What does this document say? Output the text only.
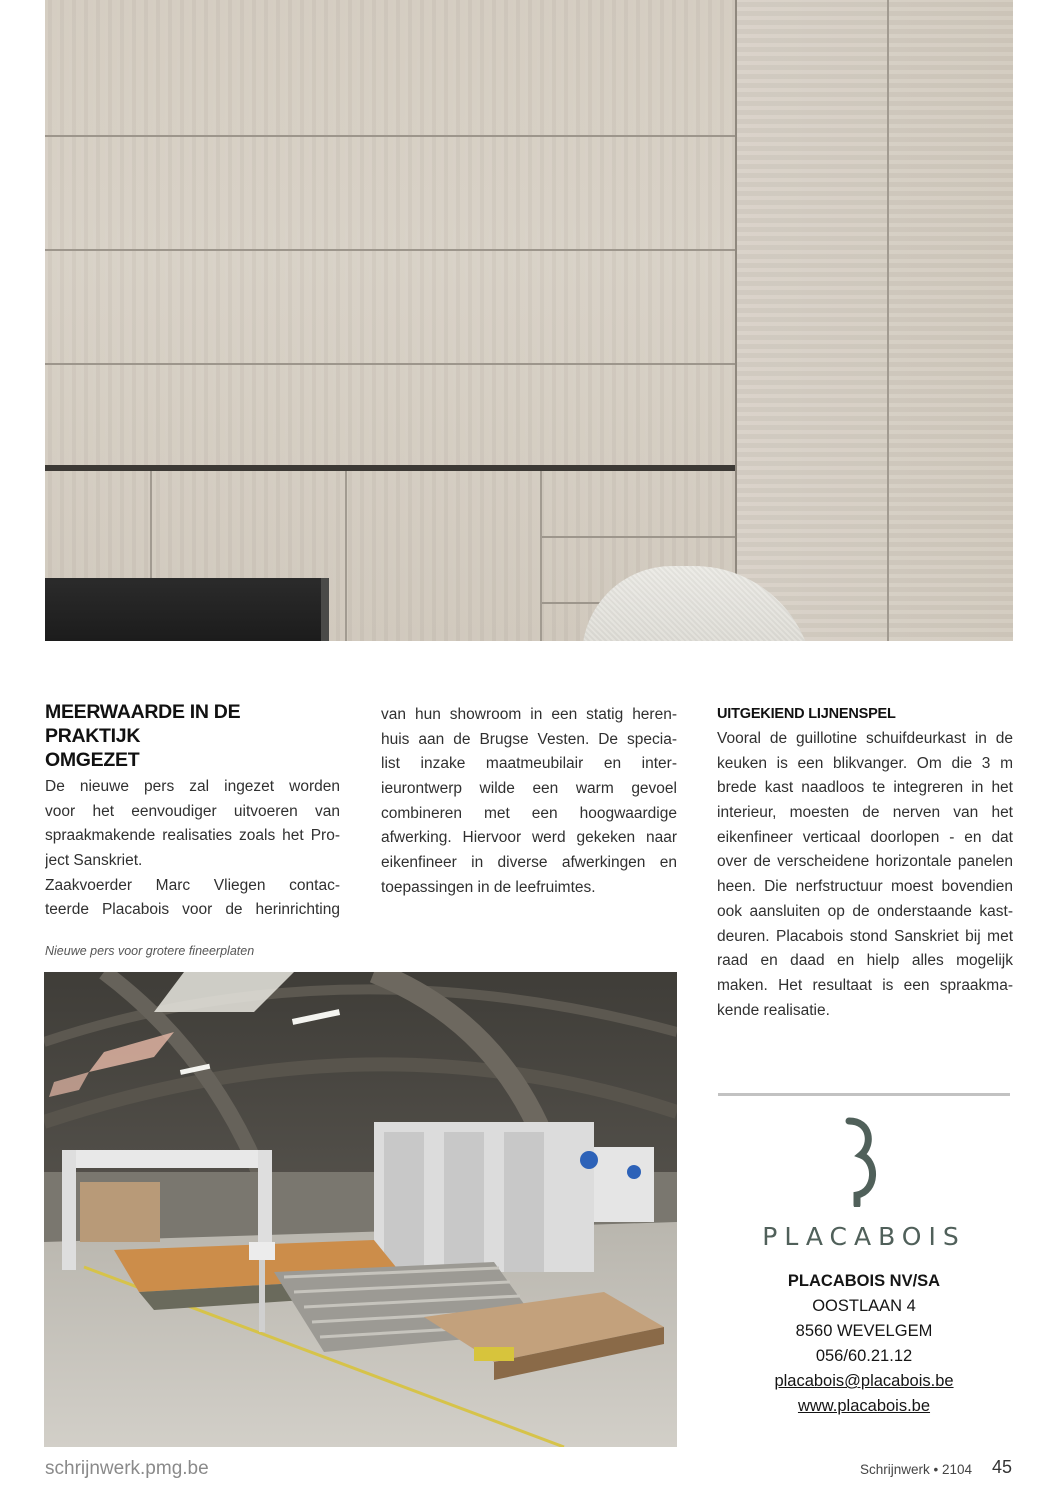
MEERWAARDE IN DE PRAKTIJK
OMGEZET
De nieuwe pers zal ingezet worden
voor het eenvoudiger uitvoeren van
spraakmakende realisaties zoals het Pro-
ject Sanskriet.
Zaakvoerder Marc Vliegen contac-
teerde Placabois voor de herinrichting
van hun showroom in een statig heren-
huis aan de Brugse Vesten. De specia-
list inzake maatmeubilair en inter-
ieurontwerp wilde een warm gevoel
combineren met een hoogwaardige
afwerking. Hiervoor werd gekeken naar
eikenfineer in diverse afwerkingen en
toepassingen in de leefruimtes.
UITGEKIEND LIJNENSPEL
Vooral de guillotine schuifdeurkast in de
keuken is een blikvanger. Om die 3 m
brede kast naadloos te integreren in het
interieur, moesten de nerven van het
eikenfineer verticaal doorlopen - en dat
over de verscheidene horizontale panelen
heen. Die nerfstructuur moest bovendien
ook aansluiten op de onderstaande kast-
deuren. Placabois stond Sanskriet bij met
raad en daad en hielp alles mogelijk
maken. Het resultaat is een spraakma-
kende realisatie.
Nieuwe pers voor grotere fineerplaten
PLACABOIS
PLACABOIS NV/SA
OOSTLAAN 4
8560 WEVELGEM
056/60.21.12
placabois@placabois.be
www.placabois.be
schrijnwerk.pmg.be	Schrijnwerk • 2104 45
